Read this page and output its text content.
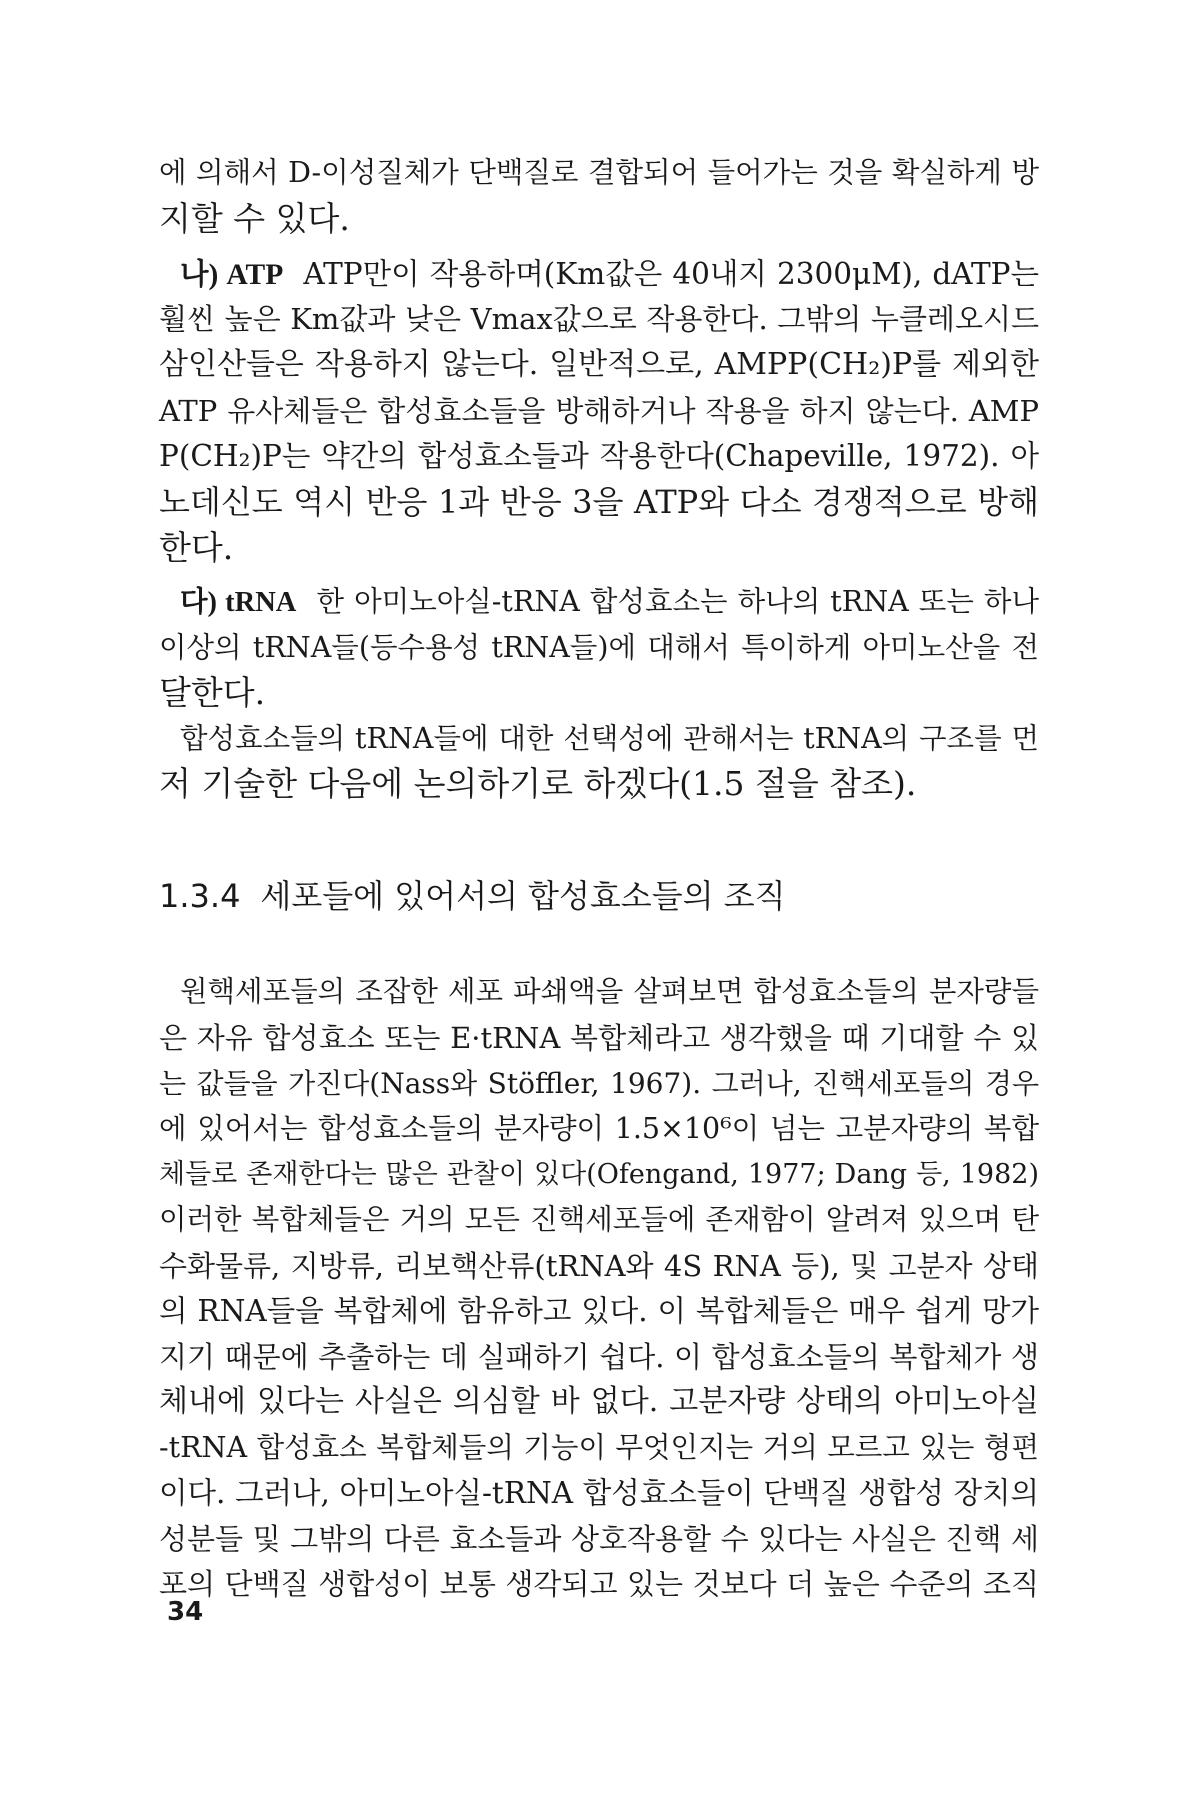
에 의해서 D-이성질체가 단백질로 결합되어 들어가는 것을 확실하게 방
지할 수 있다.
나) ATP ATP만이 작용하며(Km값은 40내지 2300μM), dATP는
훨씬 높은 Km값과 낮은 Vmax값으로 작용한다. 그밖의 누클레오시드
삼인산들은 작용하지 않는다. 일반적으로, AMPP(CH₂)P를 제외한
ATP 유사체들은 합성효소들을 방해하거나 작용을 하지 않는다. AMP
P(CH₂)P는 약간의 합성효소들과 작용한다(Chapeville, 1972). 아
노데신도 역시 반응 1과 반응 3을 ATP와 다소 경쟁적으로 방해
한다.
다) tRNA 한 아미노아실-tRNA 합성효소는 하나의 tRNA 또는 하나
이상의 tRNA들(등수용성 tRNA들)에 대해서 특이하게 아미노산을 전
달한다.
합성효소들의 tRNA들에 대한 선택성에 관해서는 tRNA의 구조를 먼
저 기술한 다음에 논의하기로 하겠다(1.5 절을 참조).
1.3.4 세포들에 있어서의 합성효소들의 조직
원핵세포들의 조잡한 세포 파쇄액을 살펴보면 합성효소들의 분자량들
은 자유 합성효소 또는 E·tRNA 복합체라고 생각했을 때 기대할 수 있
는 값들을 가진다(Nass와 Stöffler, 1967). 그러나, 진핵세포들의 경우
에 있어서는 합성효소들의 분자량이 1.5×10⁶이 넘는 고분자량의 복합
체들로 존재한다는 많은 관찰이 있다(Ofengand, 1977; Dang 등, 1982)
이러한 복합체들은 거의 모든 진핵세포들에 존재함이 알려져 있으며 탄
수화물류, 지방류, 리보핵산류(tRNA와 4S RNA 등), 및 고분자 상태
의 RNA들을 복합체에 함유하고 있다. 이 복합체들은 매우 쉽게 망가
지기 때문에 추출하는 데 실패하기 쉽다. 이 합성효소들의 복합체가 생
체내에 있다는 사실은 의심할 바 없다. 고분자량 상태의 아미노아실
-tRNA 합성효소 복합체들의 기능이 무엇인지는 거의 모르고 있는 형편
이다. 그러나, 아미노아실-tRNA 합성효소들이 단백질 생합성 장치의
성분들 및 그밖의 다른 효소들과 상호작용할 수 있다는 사실은 진핵 세
포의 단백질 생합성이 보통 생각되고 있는 것보다 더 높은 수준의 조직
34
